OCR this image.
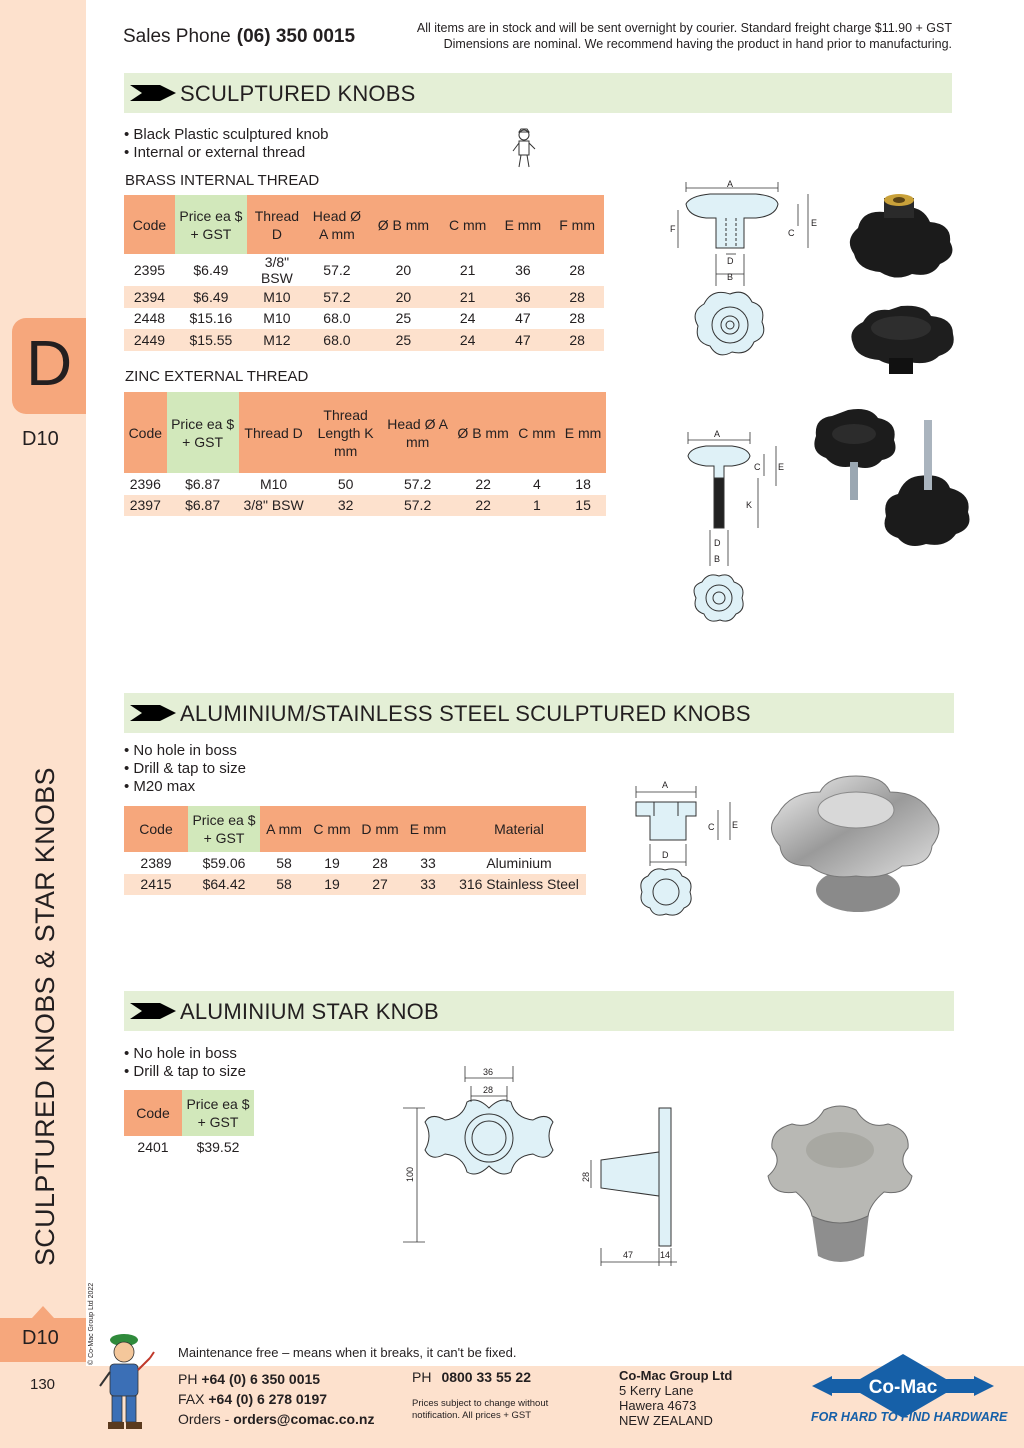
D
D10
SCULPTURED KNOBS & STAR KNOBS
© Co-Mac Group Ltd 2022
D10
130
Sales Phone (06) 350 0015	All items are in stock and will be sent overnight by courier. Standard freight charge $11.90 + GST
Dimensions are nominal. We recommend having the product in hand prior to manufacturing.
SCULPTURED KNOBS
• Black Plastic sculptured knob
• Internal or external thread
BRASS INTERNAL THREAD
Code	Price ea $ + GST	Thread D	Head Ø A mm	Ø B mm	C mm	E mm	F mm
2395	$6.49	3/8" BSW	57.2	20	21	36	28
2394	$6.49	M10	57.2	20	21	36	28
2448	$15.16	M10	68.0	25	24	47	28
2449	$15.55	M12	68.0	25	24	47	28
ZINC EXTERNAL THREAD
Code	Price ea $ + GST	Thread D	Thread Length K mm	Head Ø A mm	Ø B mm	C mm	E mm
2396	$6.87	M10	50	57.2	22	4	18
2397	$6.87	3/8" BSW	32	57.2	22	1	15
A
F	C
E
D
B
A
C E
K
D
B
ALUMINIUM/STAINLESS STEEL SCULPTURED KNOBS
• No hole in boss
• Drill & tap to size
• M20 max
Code	Price ea $ + GST	A mm	C mm	D mm	E mm	Material
2389	$59.06	58	19	28	33	Aluminium
2415	$64.42	58	19	27	33	316 Stainless Steel
A
C E
D
ALUMINIUM STAR KNOB
• No hole in boss
• Drill & tap to size
Code	Price ea $ + GST
2401	$39.52
36
28
100	28
47	14
Maintenance free – means when it breaks, it can't be fixed.
PH +64 (0) 6 350 0015
FAX +64 (0) 6 278 0197
Orders - orders@comac.co.nz
PH 0800 33 55 22
Prices subject to change without
notification. All prices + GST
Co-Mac Group Ltd
5 Kerry Lane
Hawera 4673
NEW ZEALAND
Co-Mac
FOR HARD TO FIND HARDWARE
